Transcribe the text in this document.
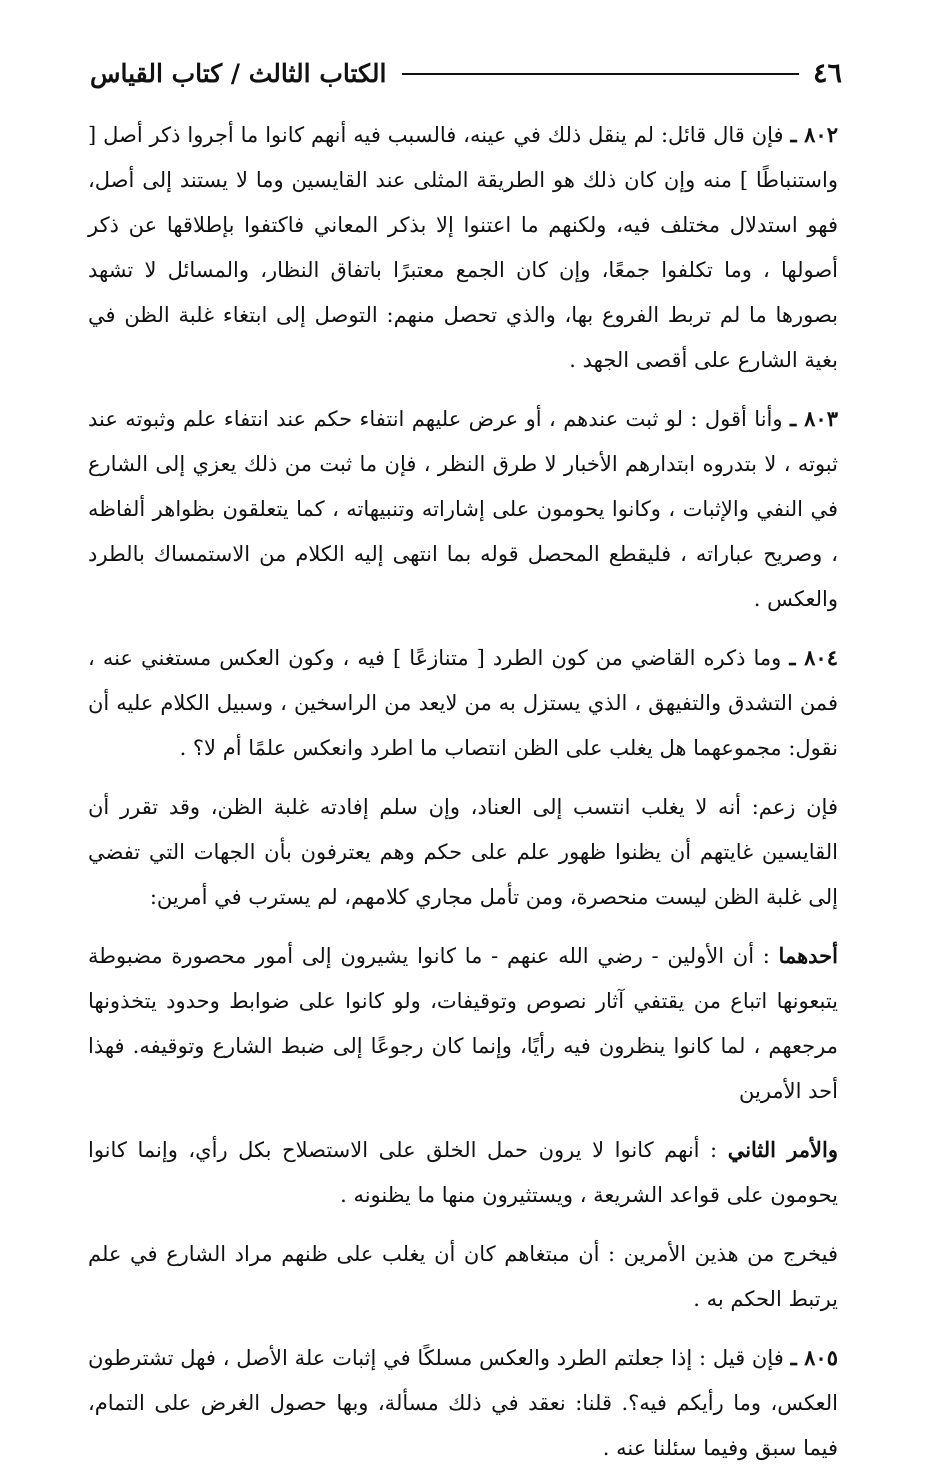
٤٦
الكتاب الثالث / كتاب القياس

٨٠٢ ـ فإن قال قائل: لم ينقل ذلك في عينه، فالسبب فيه أنهم كانوا ما أجروا ذكر أصل [ واستنباطًا ] منه وإن كان ذلك هو الطريقة المثلى عند القايسين وما لا يستند إلى أصل، فهو استدلال مختلف فيه، ولكنهم ما اعتنوا إلا بذكر المعاني فاكتفوا بإطلاقها عن ذكر أصولها ، وما تكلفوا جمعًا، وإن كان الجمع معتبرًا باتفاق النظار، والمسائل لا تشهد بصورها ما لم تربط الفروع بها، والذي تحصل منهم: التوصل إلى ابتغاء غلبة الظن في بغية الشارع على أقصى الجهد .

٨٠٣ ـ وأنا أقول : لو ثبت عندهم ، أو عرض عليهم انتفاء حكم عند انتفاء علم وثبوته عند ثبوته ، لا بتدروه ابتدارهم الأخبار لا طرق النظر ، فإن ما ثبت من ذلك يعزي إلى الشارع في النفي والإثبات ، وكانوا يحومون على إشاراته وتنبيهاته ، كما يتعلقون بظواهر ألفاظه ، وصريح عباراته ، فليقطع المحصل قوله بما انتهى إليه الكلام من الاستمساك بالطرد والعكس .

٨٠٤ ـ وما ذكره القاضي من كون الطرد [ متنازعًا ] فيه ، وكون العكس مستغني عنه ، فمن التشدق والتفيهق ، الذي يستزل به من لايعد من الراسخين ، وسبيل الكلام عليه أن نقول: مجموعهما هل يغلب على الظن انتصاب ما اطرد وانعكس علمًا أم لا؟ .

فإن زعم: أنه لا يغلب انتسب إلى العناد، وإن سلم إفادته غلبة الظن، وقد تقرر أن القايسين غايتهم أن يظنوا ظهور علم على حكم وهم يعترفون بأن الجهات التي تفضي إلى غلبة الظن ليست منحصرة، ومن تأمل مجاري كلامهم، لم يسترب في أمرين:

أحدهما : أن الأولين - رضي الله عنهم - ما كانوا يشيرون إلى أمور محصورة مضبوطة يتبعونها اتباع من يقتفي آثار نصوص وتوقيفات، ولو كانوا على ضوابط وحدود يتخذونها مرجعهم ، لما كانوا ينظرون فيه رأيًا، وإنما كان رجوعًا إلى ضبط الشارع وتوقيفه. فهذا أحد الأمرين

والأمر الثاني : أنهم كانوا لا يرون حمل الخلق على الاستصلاح بكل رأي، وإنما كانوا يحومون على قواعد الشريعة ، ويستثيرون منها ما يظنونه .

فيخرج من هذين الأمرين : أن مبتغاهم كان أن يغلب على ظنهم مراد الشارع في علم يرتبط الحكم به .

٨٠٥ ـ فإن قيل : إذا جعلتم الطرد والعكس مسلكًا في إثبات علة الأصل ، فهل تشترطون العكس، وما رأيكم فيه؟. قلنا: نعقد في ذلك مسألة، وبها حصول الغرض على التمام، فيما سبق وفيما سئلنا عنه .
